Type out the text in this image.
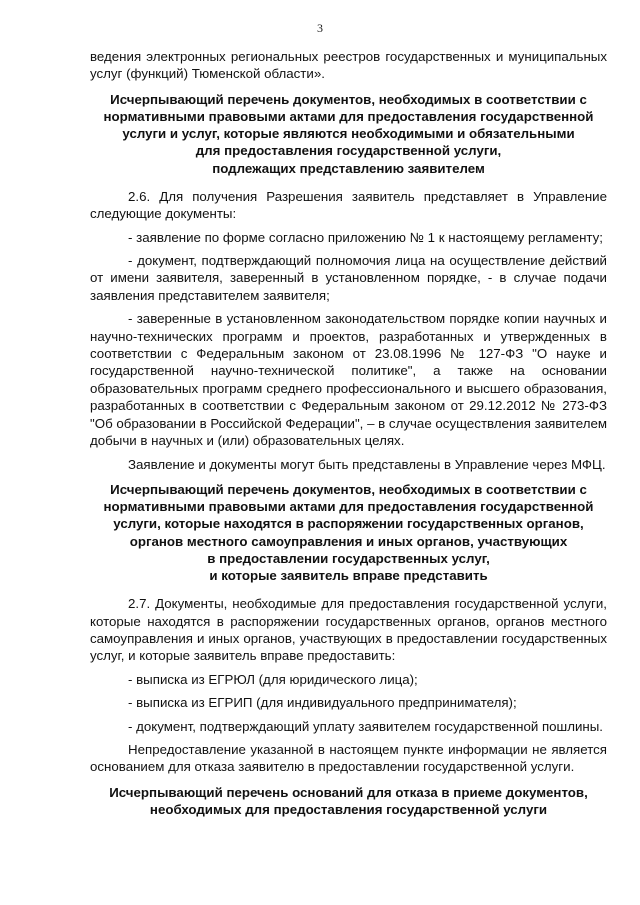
3

ведения электронных региональных реестров государственных и муниципальных услуг (функций) Тюменской области».

Исчерпывающий перечень документов, необходимых в соответствии с
нормативными правовыми актами для предоставления государственной
услуги и услуг, которые являются необходимыми и обязательными
для предоставления государственной услуги,
подлежащих представлению заявителем

2.6. Для получения Разрешения заявитель представляет в Управление следующие документы:

- заявление по форме согласно приложению № 1 к настоящему регламенту;

- документ, подтверждающий полномочия лица на осуществление действий от имени заявителя, заверенный в установленном порядке, - в случае подачи заявления представителем заявителя;

- заверенные в установленном законодательством порядке копии научных и научно-технических программ и проектов, разработанных и утвержденных в соответствии с Федеральным законом от 23.08.1996 № 127-ФЗ "О науке и государственной научно-технической политике", а также на основании образовательных программ среднего профессионального и высшего образования, разработанных в соответствии с Федеральным законом от 29.12.2012 № 273-ФЗ "Об образовании в Российской Федерации", – в случае осуществления заявителем добычи в научных и (или) образовательных целях.

Заявление и документы могут быть представлены в Управление через МФЦ.

Исчерпывающий перечень документов, необходимых в соответствии с
нормативными правовыми актами для предоставления государственной
услуги, которые находятся в распоряжении государственных органов,
органов местного самоуправления и иных органов, участвующих
в предоставлении государственных услуг,
и которые заявитель вправе представить

2.7. Документы, необходимые для предоставления государственной услуги, которые находятся в распоряжении государственных органов, органов местного самоуправления и иных органов, участвующих в предоставлении государственных услуг, и которые заявитель вправе предоставить:

- выписка из ЕГРЮЛ (для юридического лица);

- выписка из ЕГРИП (для индивидуального предпринимателя);

- документ, подтверждающий уплату заявителем государственной пошлины.

Непредоставление указанной в настоящем пункте информации не является основанием для отказа заявителю в предоставлении государственной услуги.

Исчерпывающий перечень оснований для отказа в приеме документов,
необходимых для предоставления государственной услуги
